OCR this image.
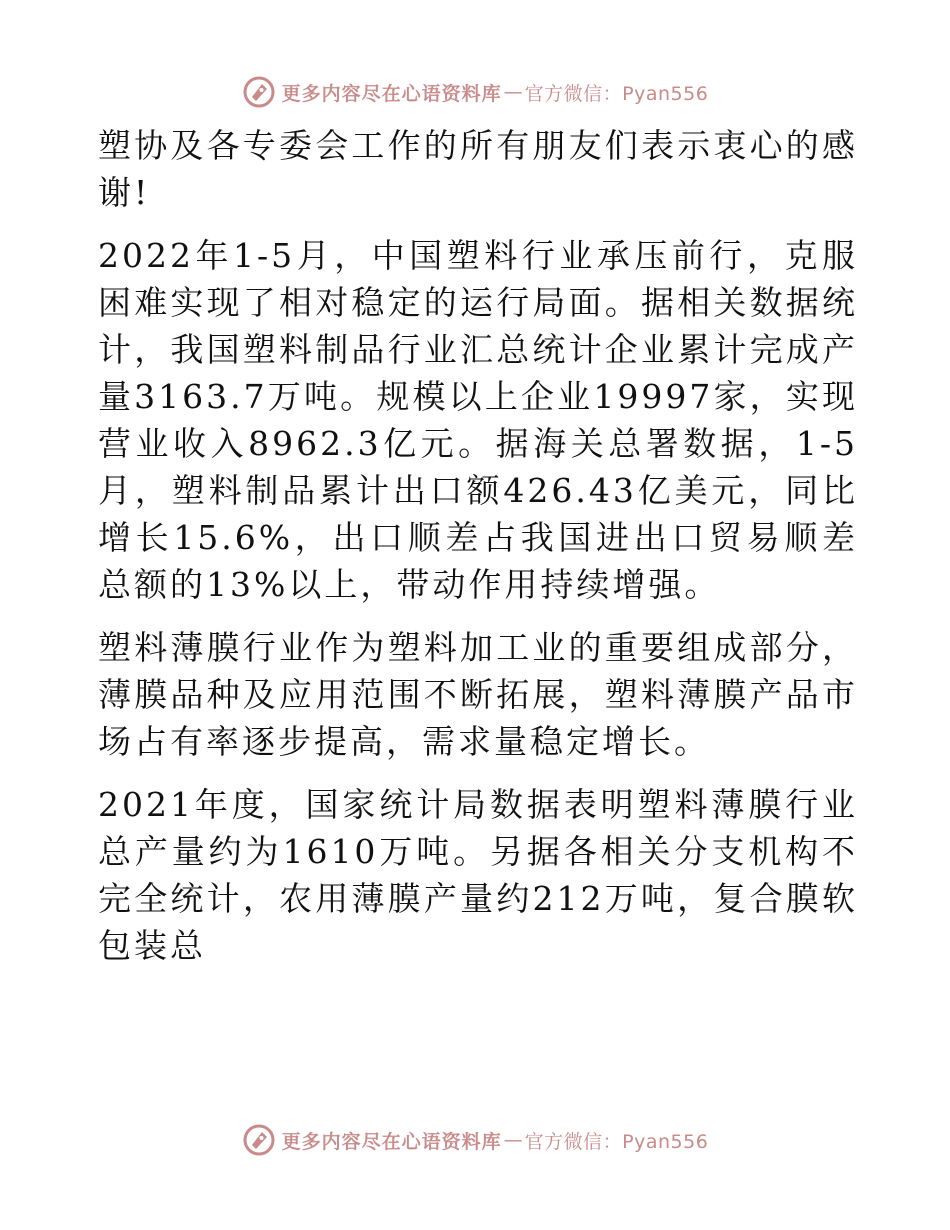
更多内容尽在心语资料库 — 官方微信：Pyan556

塑协及各专委会工作的所有朋友们表示衷心的感谢!

2022年1-5月，中国塑料行业承压前行，克服困难实现了相对稳定的运行局面。据相关数据统计，我国塑料制品行业汇总统计企业累计完成产量3163.7万吨。规模以上企业19997家，实现营业收入8962.3亿元。据海关总署数据，1-5月，塑料制品累计出口额426.43亿美元，同比增长15.6%，出口顺差占我国进出口贸易顺差总额的13%以上，带动作用持续增强。

塑料薄膜行业作为塑料加工业的重要组成部分，薄膜品种及应用范围不断拓展，塑料薄膜产品市场占有率逐步提高，需求量稳定增长。

2021年度，国家统计局数据表明塑料薄膜行业总产量约为1610万吨。另据各相关分支机构不完全统计，农用薄膜产量约212万吨，复合膜软包装总

更多内容尽在心语资料库 — 官方微信：Pyan556
